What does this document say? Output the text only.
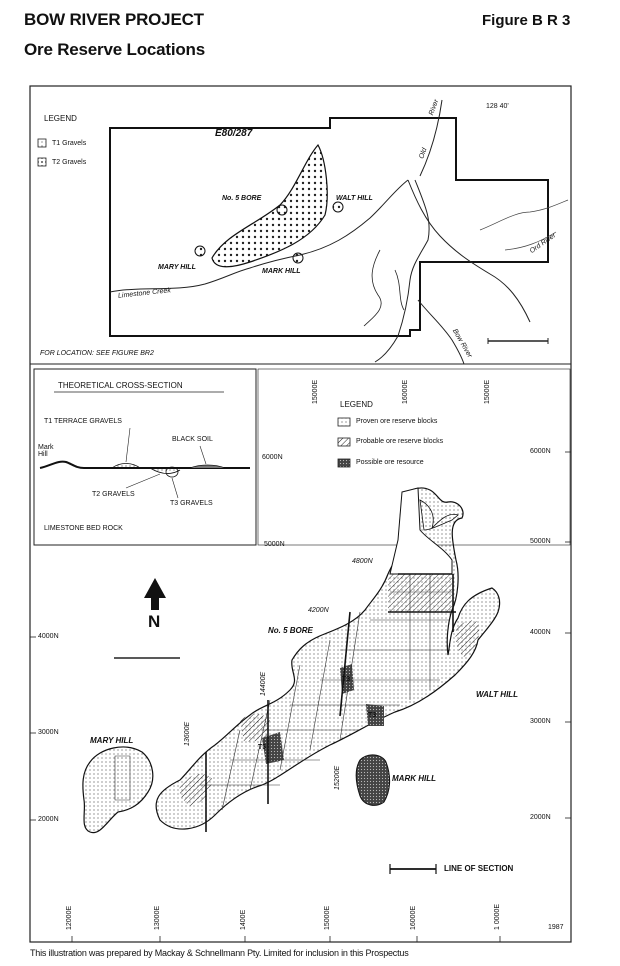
BOW RIVER PROJECT
Ore Reserve Locations
Figure B R 3
LEGEND
T1 Gravels
T2 Gravels
E80/287
No. 5 BORE	WALT HILL
MARY HILL
MARK HILL
Limestone Creek
River
Old
Ord River
Bow River
128 40'
FOR LOCATION: SEE FIGURE BR2
THEORETICAL CROSS-SECTION
T1 TERRACE GRAVELS
Mark Hill
BLACK SOIL
T2 GRAVELS
T3 GRAVELS
LIMESTONE BED ROCK
LEGEND
Proven ore reserve blocks
Probable ore reserve blocks
Possible ore resource
N
4800N
4200N
No. 5 BORE
WALT HILL
MARY HILL
MARK HILL
13600E
14400E
15200E
T3
T3
T3
4000N
3000N
2000N
6000N
5000N
4000N
3000N
2000N
6000N
5000N
15000E	16000E	15000E
12000E	13000E	1400E	15000E	16000E	1 0000E
LINE OF SECTION
1987
This illustration was prepared by Mackay & Schnellmann Pty. Limited for inclusion in this Prospectus
